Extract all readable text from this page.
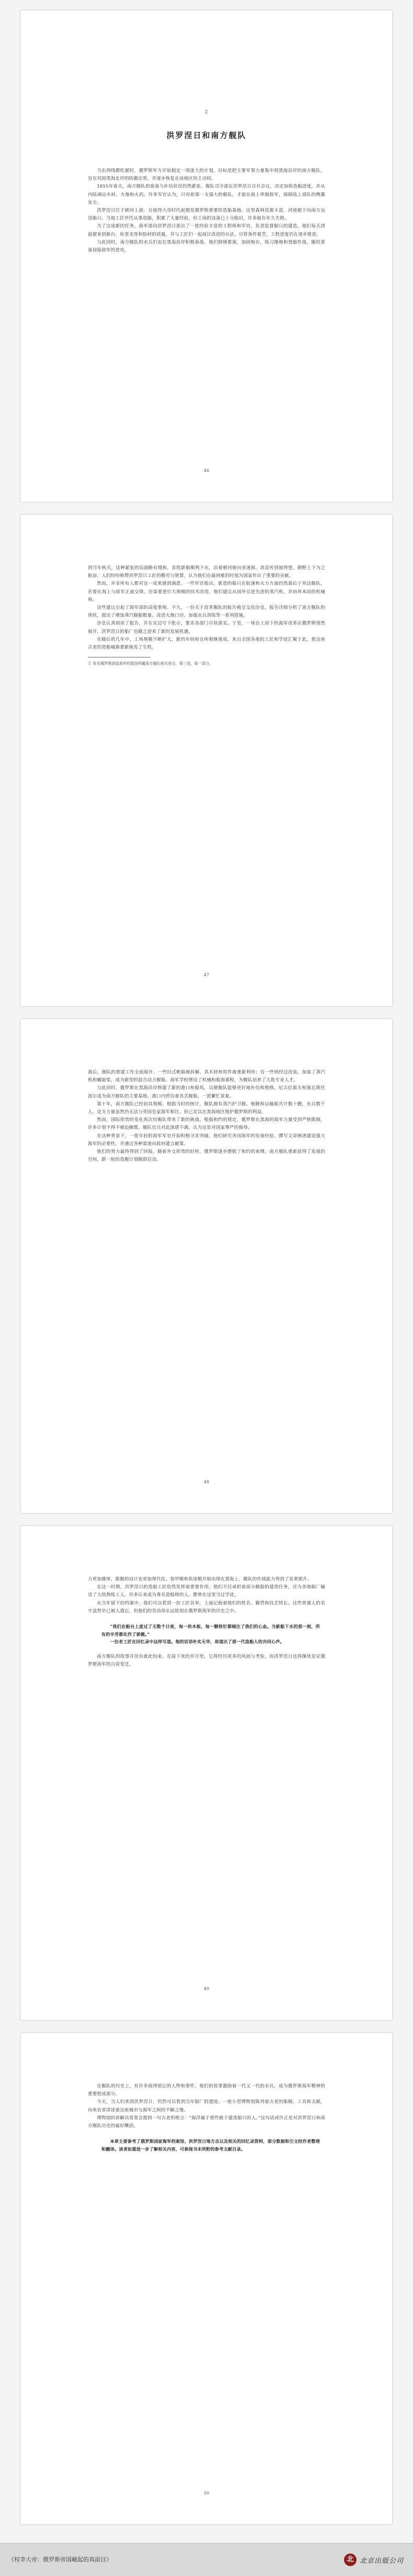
2
洪罗涅日和南方舰队

当东西线都吃紧时，俄罗斯军方开始制定一项庞大的计划，目标是把主要军事力量集中到黑海沿岸的南方舰队，旨在巩固黑海北岸的防御态势，并逐步恢复在该地区的主动权。

1855年春天，南方舰队的装备与补给状况仍然紧张。舰队司令部在洪罗涅日召开会议，决定加快造船进度，并从内陆调运木材、火炮和火药。许多军官认为，只有依靠一支强大的舰队，才能在海上牵制敌军，保障陆上部队的侧翼安全。

洪罗涅日位于顿河上游，自彼得大帝时代起便是俄罗斯重要的造船基地。这里森林资源丰富，河道便于向南方运送船只。当地工匠世代从事造船，积累了大量经验，但工场的设备已十分陈旧，许多船台年久失修。

为了完成新的任务，海军部向洪罗涅日派出了一批经验丰富的工程师和军官，负责监督船只的建造。他们每天清晨便来到船台，检查龙骨和肋材的质量，并与工匠们一起商讨改进的办法。尽管条件艰苦，工程进度仍在逐步推进。

与此同时，南方舰队的水兵们也在黑海沿岸积极备战。他们修缮要塞，加固炮台，练习操炮和登船作战，随时准备迎接敌军的进攻。

46

到当年秋天，这种紧张的局面略有缓和，首批新船顺利下水，沿着顿河驶向亚速海。消息传到彼得堡，朝野上下为之振奋。人们纷纷称赞洪罗涅日工匠的勤劳与智慧，认为他们在最困难的时刻为国家作出了重要的贡献。

然而，并非所有人都对这一成果感到满意。一些军官指出，新造的船只在航速和火力方面仍然落后于英法舰队，若要在海上与敌军正面交锋，还需要进行大规模的技术改造。他们建议从国外引进先进的蒸汽机，并培养本国的机械师。

这些建议引起了海军部的高度重视。不久，一份关于改革舰队的报告被呈交给沙皇。报告详细分析了南方舰队的现状，提出了增加蒸汽舰船数量、改进火炮口径、加强水兵训练等一系列措施。

沙皇认真阅读了报告，并在页边写下批示，要求各部门尽快落实。于是，一场自上而下的海军改革在俄罗斯悄然展开，洪罗涅日的船厂也随之迎来了新的发展机遇。

在随后的几年中，工场规模不断扩大，新的车间和仓库相继落成，来自全国各地的工匠和学徒汇聚于此，使这座古老的造船城镇重新焕发了生机。

① 参见俄罗斯国家海军档案馆所藏南方舰队相关卷宗，第三卷，第一部分。

47

战后，舰队的重建工作全面展开。一些旧式帆船被拆解，其木材和铁件被重新利用；另一些则经过改装，加装了蒸汽机和螺旋桨，成为新型的混合动力舰船。海军学校增设了机械和航海课程，为舰队培养了大批专业人才。

与此同时，俄罗斯在黑海沿岸修建了新的港口和船坞，以便舰队能够更好地补给和维修。尼古拉耶夫和塞瓦斯托波尔成为南方舰队的主要基地，港口内停泊着各式舰船，一派繁忙景象。

第十年，南方舰队已经初具规模。根据当时的统计，舰队拥有蒸汽护卫舰、炮舰和运输船共计数十艘，水兵数千人。这支力量虽然仍无法与英国皇家海军相比，但已足以在黑海地区维护俄罗斯的利益。

然而，国际形势的变化再次给舰队带来了新的挑战。根据和约的规定，俄罗斯在黑海的海军力量受到严格限制，许多计划不得不被迫搁置。舰队官兵对此深感不满，认为这是对国家尊严的侮辱。

在这种背景下，一批年轻的海军军官开始积极寻求突破。他们研究各国海军的发展经验，撰写文章阐述建设强大海军的必要性，并通过各种渠道向政府建言献策。

他们的努力最终得到了回报。随着外交形势的好转，俄罗斯逐步摆脱了和约的束缚，南方舰队重新获得了发展的空间，新一轮的造舰计划随即启动。

48

力更加雄厚，新舰的设计也更加现代化。装甲舰和鱼雷艇开始出现在黑海上，舰队的作战能力得到了显著提升。

在这一时期，洪罗涅日的造船工匠依然发挥着重要作用。他们不仅承担着部分舰船的建造任务，还为各地船厂输送了大批熟练工人。许多后来成为著名造船师的人，都曾在这里当过学徒。

从当年留下的档案中，我们可以看到一份工匠名单，上面记载着他们的姓名、籍贯和技艺特长。这些普通人的名字虽然早已被人遗忘，但他们的劳动却永远铭刻在俄罗斯海军的历史之中。

“我们在船台上度过了无数个日夜，每一块木板、每一颗铁钉都倾注了我们的心血。当新船下水的那一刻，所有的辛劳都化作了骄傲。”

一位老工匠在回忆录中这样写道。他的话语朴实无华，却道出了那一代造船人的共同心声。

南方舰队的故事并没有就此结束。在接下来的岁月里，它将经历更多的风雨与考验，而洪罗涅日也将继续见证俄罗斯海军的兴衰变迁。

49

在舰队的历史上，有许多值得铭记的人物和事件。他们的故事激励着一代又一代的水兵，成为俄罗斯海军精神的重要组成部分。

今天，当人们来到洪罗涅日，仍然可以看到当年船厂的遗迹。一座小型博物馆陈列着古老的船模、工具和文献，向来访者讲述着这座城市与海军之间的不解之缘。

博物馆的讲解员常常会提到一句古老的格言：“海洋属于那些敢于建造船只的人。”这句话或许正是对洪罗涅日和南方舰队历史的最好概括。

本章主要参考了俄罗斯国家海军档案馆、洪罗涅日地方志以及相关的回忆录资料，部分数据和引文经作者整理和翻译。读者如需进一步了解相关内容，可参阅书末所附的参考文献目录。

50
《权李大帝：俄罗斯帝国崛起的真面目》	北 北京出版公司
